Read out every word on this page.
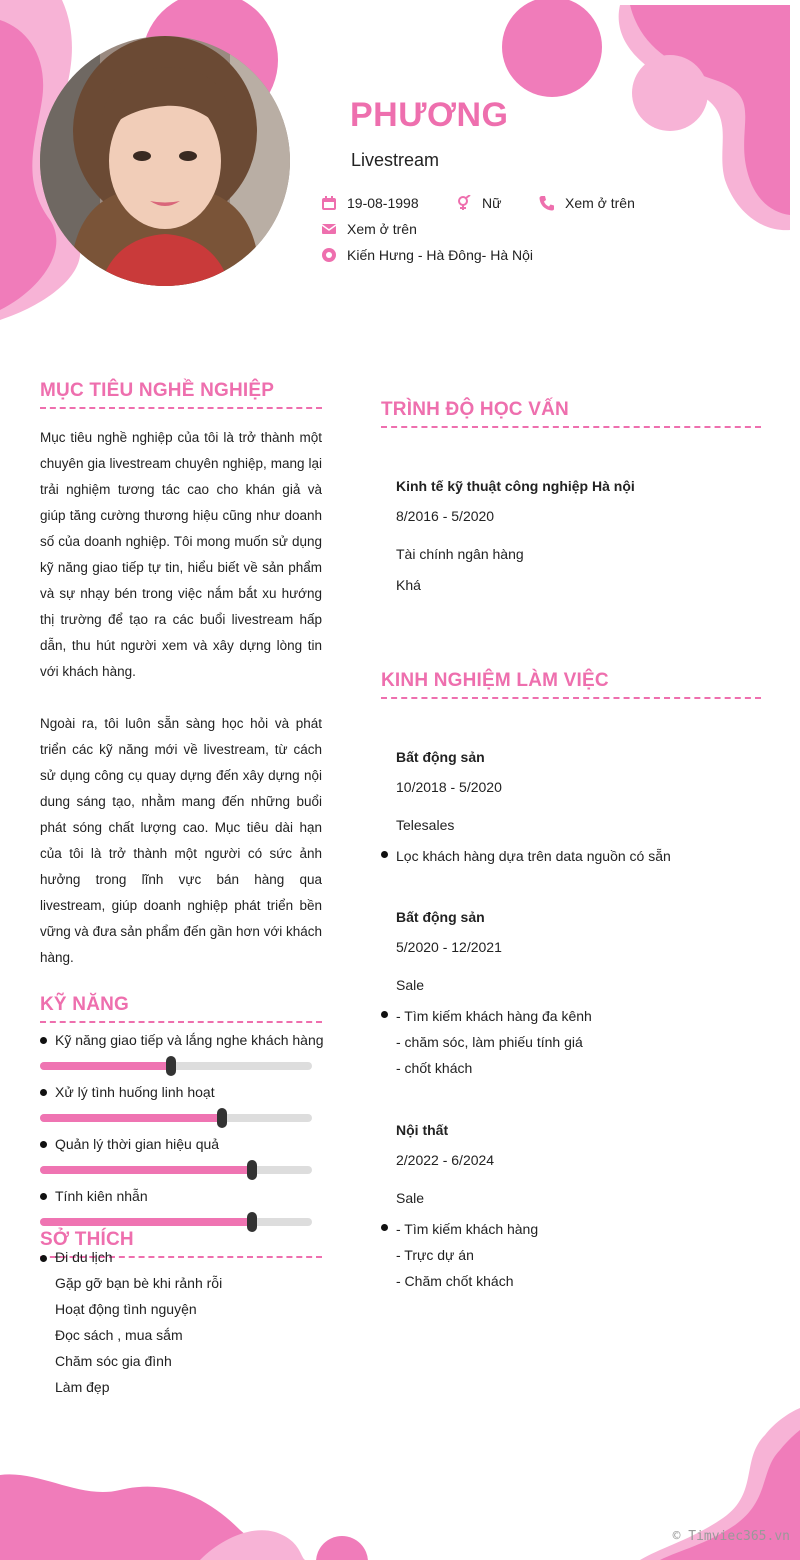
PHƯƠNG
Livestream
19-08-1998	Nữ	Xem ở trên
Xem ở trên
Kiến Hưng - Hà Đông- Hà Nội
MỤC TIÊU NGHỀ NGHIỆP

Mục tiêu nghề nghiệp của tôi là trở thành một chuyên gia livestream chuyên nghiệp, mang lại trải nghiệm tương tác cao cho khán giả và giúp tăng cường thương hiệu cũng như doanh số của doanh nghiệp. Tôi mong muốn sử dụng kỹ năng giao tiếp tự tin, hiểu biết về sản phẩm và sự nhạy bén trong việc nắm bắt xu hướng thị trường để tạo ra các buổi livestream hấp dẫn, thu hút người xem và xây dựng lòng tin với khách hàng.

Ngoài ra, tôi luôn sẵn sàng học hỏi và phát triển các kỹ năng mới về livestream, từ cách sử dụng công cụ quay dựng đến xây dựng nội dung sáng tạo, nhằm mang đến những buổi phát sóng chất lượng cao. Mục tiêu dài hạn của tôi là trở thành một người có sức ảnh hưởng trong lĩnh vực bán hàng qua livestream, giúp doanh nghiệp phát triển bền vững và đưa sản phẩm đến gần hơn với khách hàng.

KỸ NĂNG
Kỹ năng giao tiếp và lắng nghe khách hàng
Xử lý tình huống linh hoạt
Quản lý thời gian hiệu quả
Tính kiên nhẫn
SỞ THÍCH
Đi du lịch
Gặp gỡ bạn bè khi rảnh rỗi
Hoạt động tình nguyện
Đọc sách , mua sắm
Chăm sóc gia đình
Làm đẹp
TRÌNH ĐỘ HỌC VẤN
Kinh tế kỹ thuật công nghiệp Hà nội
8/2016 - 5/2020
Tài chính ngân hàng
Khá
KINH NGHIỆM LÀM VIỆC
Bất động sản
10/2018 - 5/2020
Telesales
Lọc khách hàng dựa trên data nguồn có sẵn
Bất động sản
5/2020 - 12/2021
Sale
- Tìm kiếm khách hàng đa kênh
- chăm sóc, làm phiếu tính giá
- chốt khách
Nội thất
2/2022 - 6/2024
Sale
- Tìm kiếm khách hàng
- Trực dự án
- Chăm chốt khách
© Timviec365.vn
